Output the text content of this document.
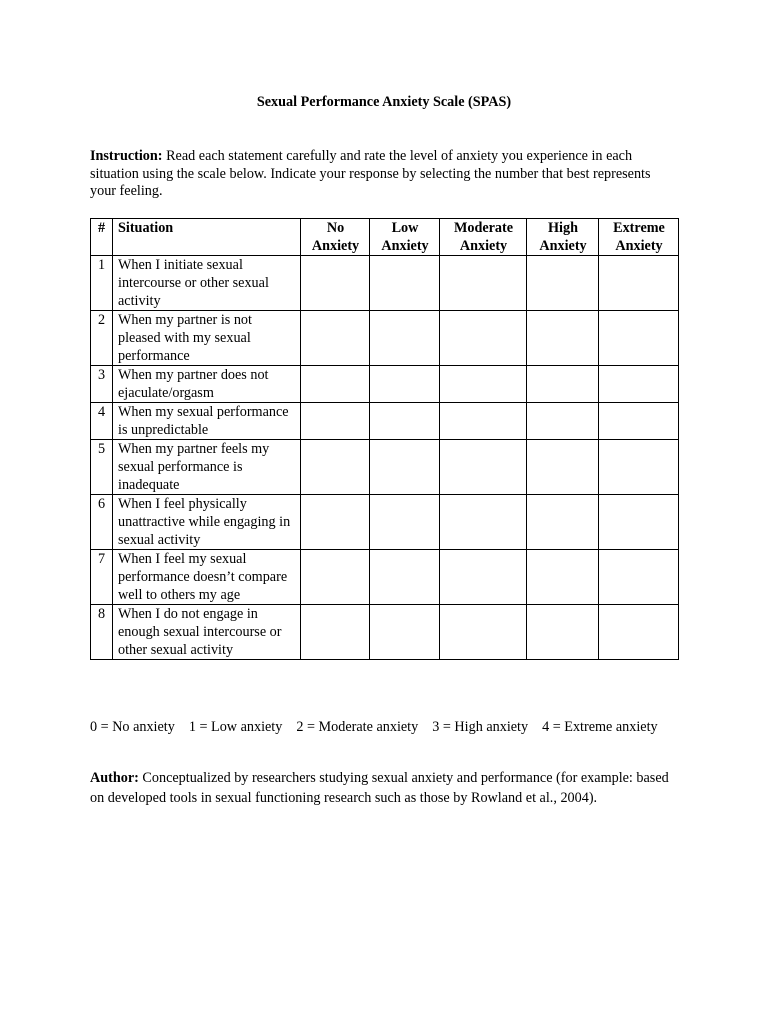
Sexual Performance Anxiety Scale (SPAS)

Instruction: Read each statement carefully and rate the level of anxiety you experience in each situation using the scale below. Indicate your response by selecting the number that best represents your feeling.

#	Situation	No Anxiety	Low Anxiety	Moderate Anxiety	High Anxiety	Extreme Anxiety
1	When I initiate sexual intercourse or other sexual activity					
2	When my partner is not pleased with my sexual performance					
3	When my partner does not ejaculate/orgasm					
4	When my sexual performance is unpredictable					
5	When my partner feels my sexual performance is inadequate					
6	When I feel physically unattractive while engaging in sexual activity					
7	When I feel my sexual performance doesn’t compare well to others my age					
8	When I do not engage in enough sexual intercourse or other sexual activity					

0 = No anxiety 1 = Low anxiety 2 = Moderate anxiety 3 = High anxiety 4 = Extreme anxiety

Author: Conceptualized by researchers studying sexual anxiety and performance (for example: based on developed tools in sexual functioning research such as those by Rowland et al., 2004).
